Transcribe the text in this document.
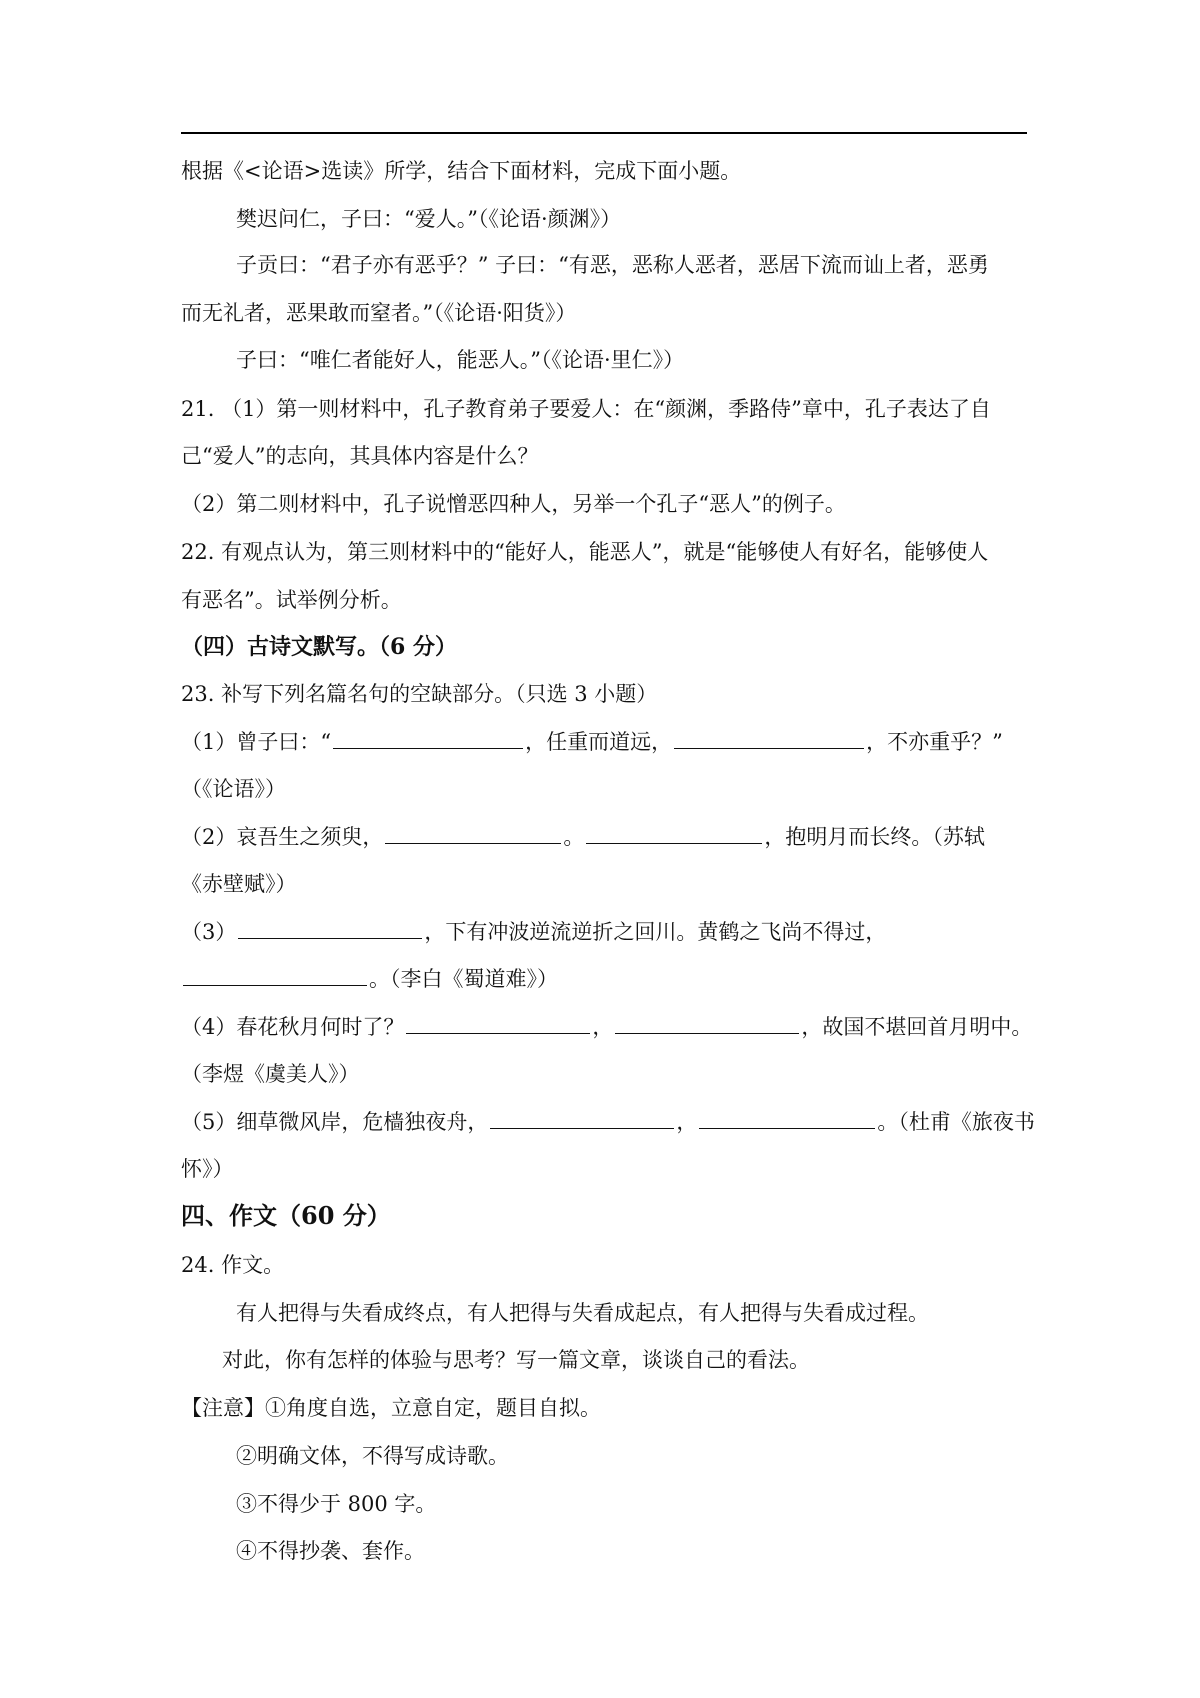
根据《<论语>选读》所学，结合下面材料，完成下面小题。
樊迟问仁，子曰：“爱人。”（《论语·颜渊》）
子贡曰：“君子亦有恶乎？” 子曰：“有恶，恶称人恶者，恶居下流而讪上者，恶勇
而无礼者，恶果敢而窒者。”（《论语·阳货》）
子曰：“唯仁者能好人，能恶人。”（《论语·里仁》）
21. （1）第一则材料中，孔子教育弟子要爱人：在“颜渊，季路侍”章中，孔子表达了自
己“爱人”的志向，其具体内容是什么？
（2）第二则材料中，孔子说憎恶四种人，另举一个孔子“恶人”的例子。
22. 有观点认为，第三则材料中的“能好人，能恶人”，就是“能够使人有好名，能够使人
有恶名”。试举例分析。
（四）古诗文默写。（6 分）
23. 补写下列名篇名句的空缺部分。（只选 3 小题）
（1）曾子曰：“	，任重而道远，	，不亦重乎？”
（《论语》）
（2）哀吾生之须臾，	。	，抱明月而长终。（苏轼
《赤壁赋》）
（3）	，下有冲波逆流逆折之回川。黄鹤之飞尚不得过，
。（李白《蜀道难》）
（4）春花秋月何时了？	，	，故国不堪回首月明中。
（李煜《虞美人》）
（5）细草微风岸，危樯独夜舟，	，	。（杜甫《旅夜书
怀》）
四、作文（60 分）
24. 作文。
有人把得与失看成终点，有人把得与失看成起点，有人把得与失看成过程。
对此，你有怎样的体验与思考？写一篇文章，谈谈自己的看法。
【注意】①角度自选，立意自定，题目自拟。
②明确文体，不得写成诗歌。
③不得少于 800 字。
④不得抄袭、套作。
